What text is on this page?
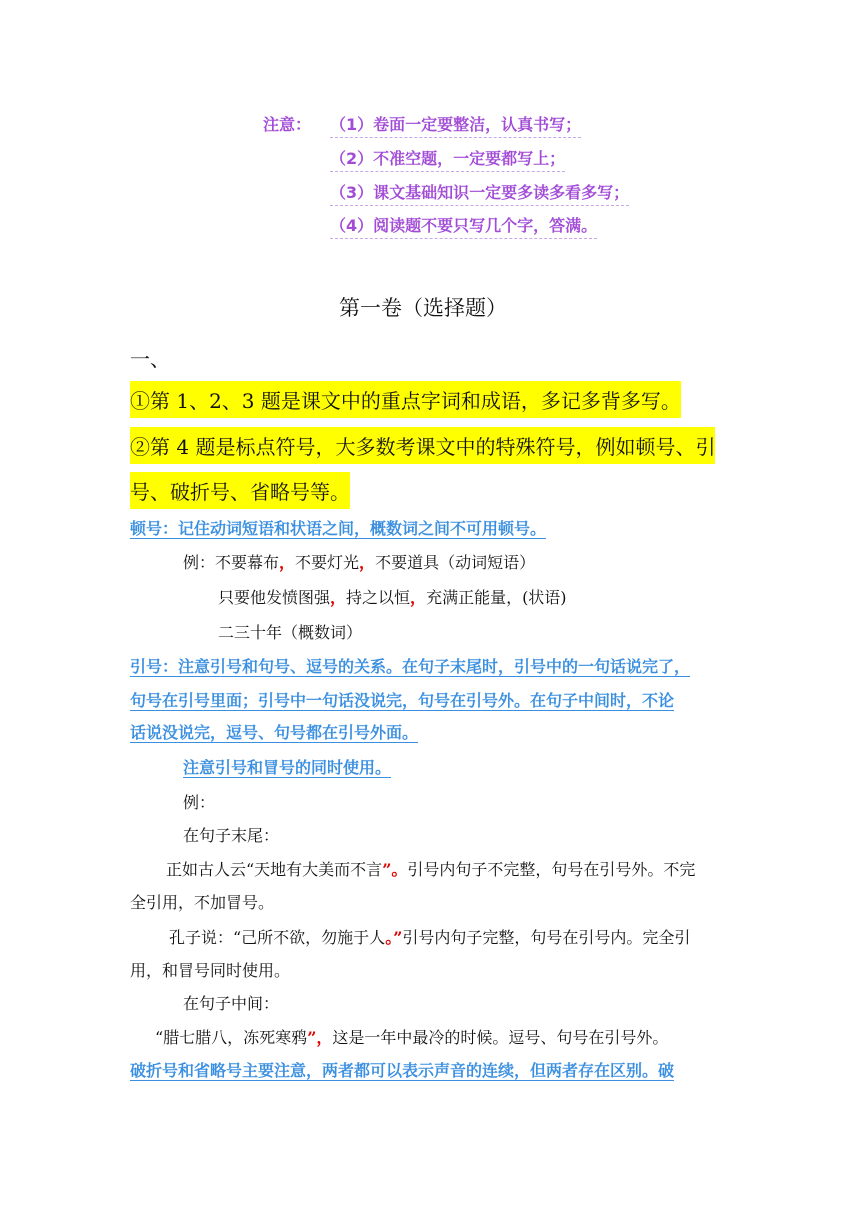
注意： （1）卷面一定要整洁，认真书写；
（2）不准空题，一定要都写上；
（3）课文基础知识一定要多读多看多写；
（4）阅读题不要只写几个字，答满。
第一卷（选择题）
一、
①第 1、2、3 题是课文中的重点字词和成语，多记多背多写。
②第 4 题是标点符号，大多数考课文中的特殊符号，例如顿号、引
号、破折号、省略号等。
顿号：记住动词短语和状语之间，概数词之间不可用顿号。
例：不要幕布，不要灯光，不要道具（动词短语）
只要他发愤图强，持之以恒，充满正能量，(状语)
二三十年（概数词）
引号：注意引号和句号、逗号的关系。在句子末尾时，引号中的一句话说完了，
句号在引号里面；引号中一句话没说完，句号在引号外。在句子中间时，不论
话说没说完，逗号、句号都在引号外面。
注意引号和冒号的同时使用。
例：
在句子末尾：
正如古人云“天地有大美而不言”。引号内句子不完整，句号在引号外。不完
全引用，不加冒号。
孔子说：“己所不欲，勿施于人。”引号内句子完整，句号在引号内。完全引
用，和冒号同时使用。
在句子中间：
“腊七腊八，冻死寒鸦”，这是一年中最冷的时候。逗号、句号在引号外。
破折号和省略号主要注意，两者都可以表示声音的连续，但两者存在区别。破
